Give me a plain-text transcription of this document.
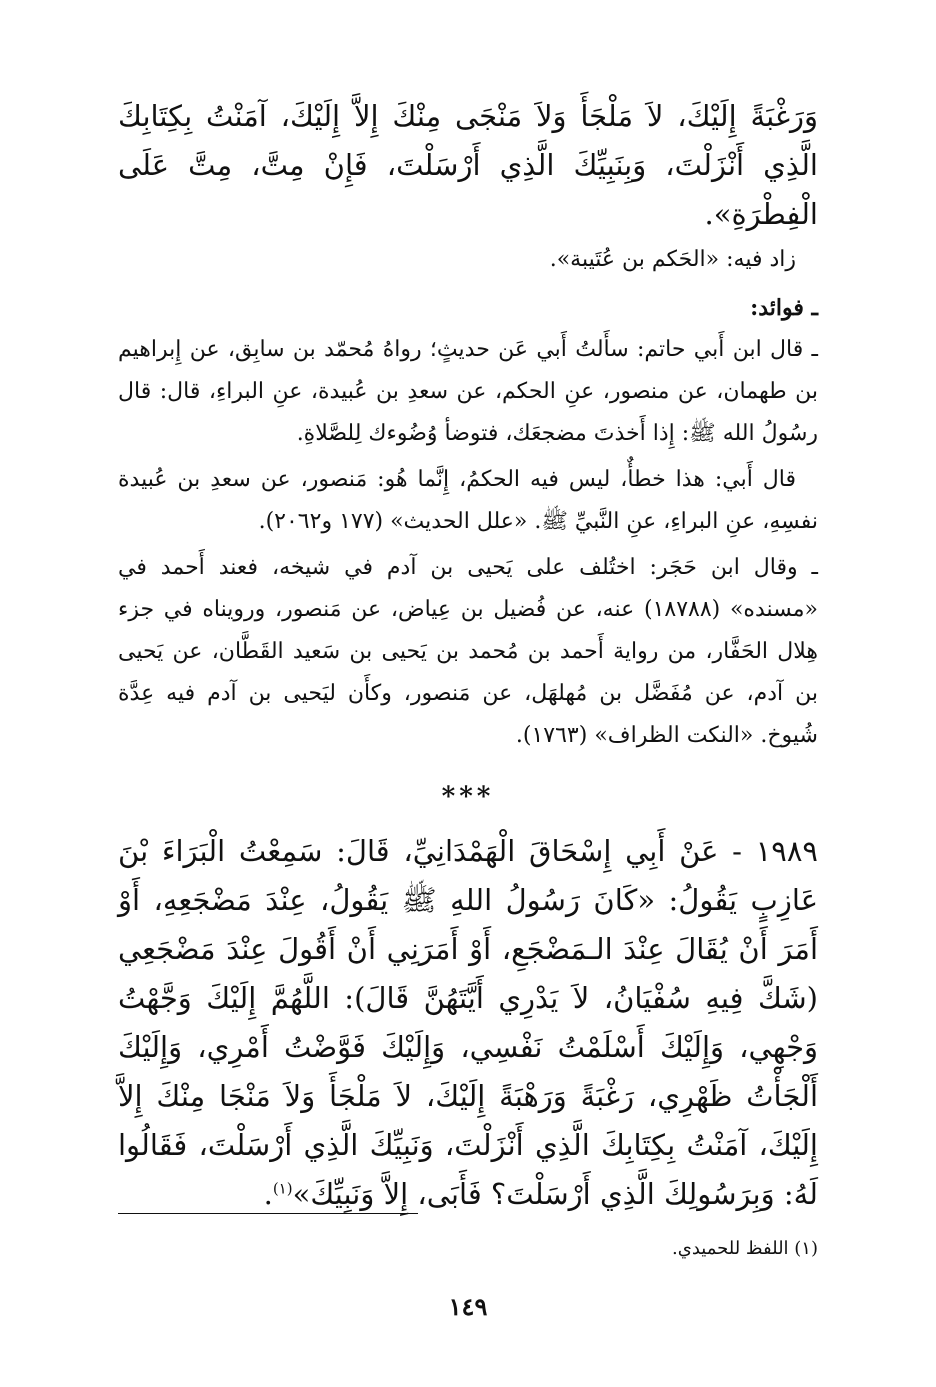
وَرَغْبَةً إِلَيْكَ، لاَ مَلْجَأَ وَلاَ مَنْجَى مِنْكَ إِلاَّ إِلَيْكَ، آمَنْتُ بِكِتَابِكَ الَّذِي أَنْزَلْتَ، وَبِنَبِيِّكَ الَّذِي أَرْسَلْتَ، فَإِنْ مِتَّ، مِتَّ عَلَى الْفِطْرَةِ».

زاد فيه: «الحَكم بن عُتَيبة».

ـ فوائد:

ـ قال ابن أَبي حاتم: سأَلتُ أَبي عَن حديثٍ؛ رواهُ مُحمّد بن سابِق، عن إِبراهيم بن طهمان، عن منصور، عنِ الحكم، عن سعدِ بن عُبيدة، عنِ البراءِ، قال: قال رسُولُ الله ﷺ: إِذا أَخذتَ مضجعَك، فتوضأ وُضُوءك لِلصَّلاةِ.

قال أَبي: هذا خطأٌ، ليس فيه الحكمُ، إِنَّما هُو: مَنصور، عن سعدِ بن عُبيدة نفسِهِ، عنِ البراءِ، عنِ النَّبيِّ ﷺ. «علل الحديث» (١٧٧ و٢٠٦٢).

ـ وقال ابن حَجَر: اختُلف على يَحيى بن آدم في شيخه، فعند أَحمد في «مسنده» (١٨٧٨٨) عنه، عن فُضيل بن عِياض، عن مَنصور، ورويناه في جزء هِلال الحَفَّار، من رواية أَحمد بن مُحمد بن يَحيى بن سَعيد القَطَّان، عن يَحيى بن آدم، عن مُفَضَّل بن مُهلهَل، عن مَنصور، وكأَن ليَحيى بن آدم فيه عِدَّة شُيوخ. «النكت الظراف» (١٧٦٣).

***

١٩٨٩ - عَنْ أَبِي إِسْحَاقَ الْهَمْدَانِيِّ، قَالَ: سَمِعْتُ الْبَرَاءَ بْنَ عَازِبٍ يَقُولُ: «كَانَ رَسُولُ اللهِ ﷺ يَقُولُ، عِنْدَ مَضْجَعِهِ، أَوْ أَمَرَ أَنْ يُقَالَ عِنْدَ الـمَضْجَعِ، أَوْ أَمَرَنِي أَنْ أَقُولَ عِنْدَ مَضْجَعِي (شَكَّ فِيهِ سُفْيَانُ، لاَ يَدْرِي أَيَّتَهُنَّ قَالَ): اللَّهُمَّ إِلَيْكَ وَجَّهْتُ وَجْهِي، وَإِلَيْكَ أَسْلَمْتُ نَفْسِي، وَإِلَيْكَ فَوَّضْتُ أَمْرِي، وَإِلَيْكَ أَلْجَأْتُ ظَهْرِي، رَغْبَةً وَرَهْبَةً إِلَيْكَ، لاَ مَلْجَأَ وَلاَ مَنْجَا مِنْكَ إِلاَّ إِلَيْكَ، آمَنْتُ بِكِتَابِكَ الَّذِي أَنْزَلْتَ، وَنَبِيِّكَ الَّذِي أَرْسَلْتَ، فَقَالُوا لَهُ: وَبِرَسُولِكَ الَّذِي أَرْسَلْتَ؟ فَأَبَى، إِلاَّ وَنَبِيِّكَ»$^{(١)}$.

(١) اللفظ للحميدي.
١٤٩
